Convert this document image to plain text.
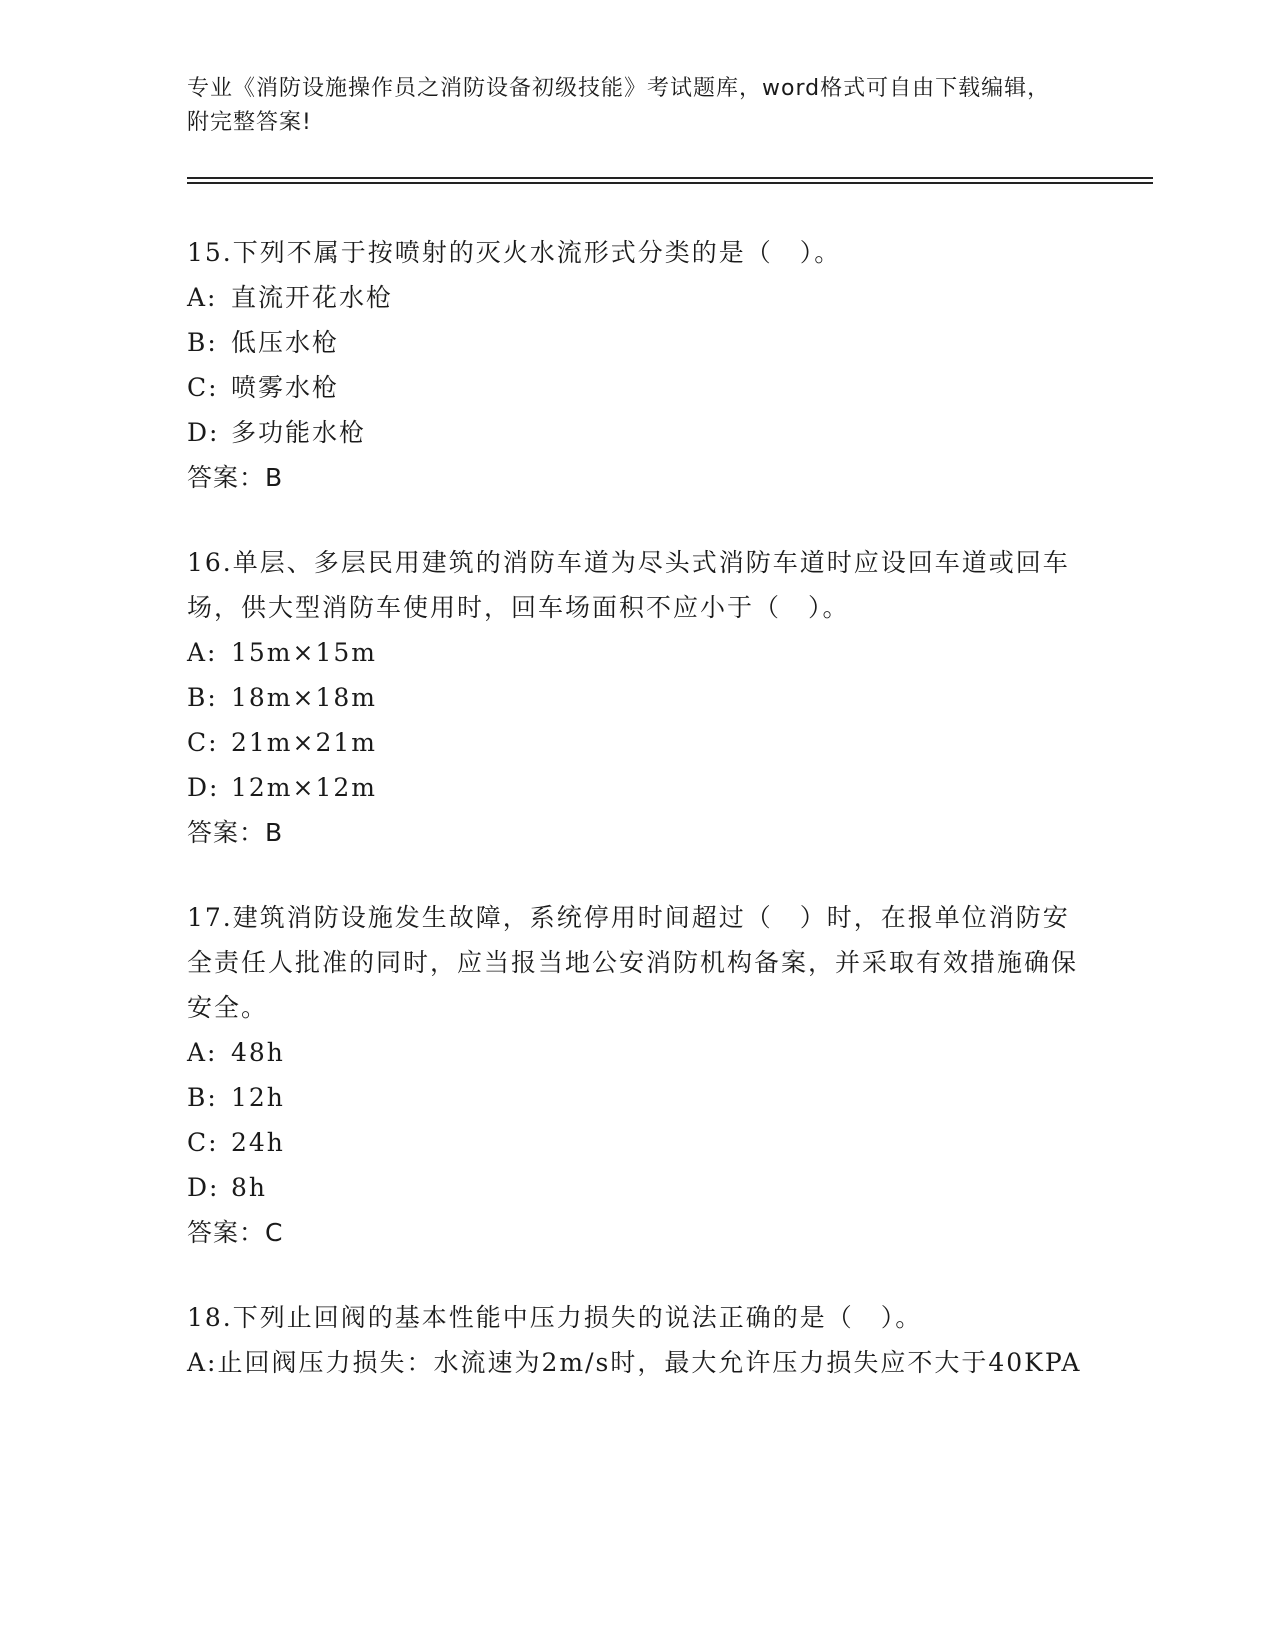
专业《消防设施操作员之消防设备初级技能》考试题库，word格式可自由下载编辑，附完整答案!
15.下列不属于按喷射的灭火水流形式分类的是（　）。
A: 直流开花水枪
B: 低压水枪
C: 喷雾水枪
D: 多功能水枪
答案：B
16.单层、多层民用建筑的消防车道为尽头式消防车道时应设回车道或回车场，供大型消防车使用时，回车场面积不应小于（　）。
A: 15m×15m
B: 18m×18m
C: 21m×21m
D: 12m×12m
答案：B
17.建筑消防设施发生故障，系统停用时间超过（　）时，在报单位消防安全责任人批准的同时，应当报当地公安消防机构备案，并采取有效措施确保安全。
A: 48h
B: 12h
C: 24h
D: 8h
答案：C
18.下列止回阀的基本性能中压力损失的说法正确的是（　）。
A:止回阀压力损失：水流速为2m/s时，最大允许压力损失应不大于40KPA
